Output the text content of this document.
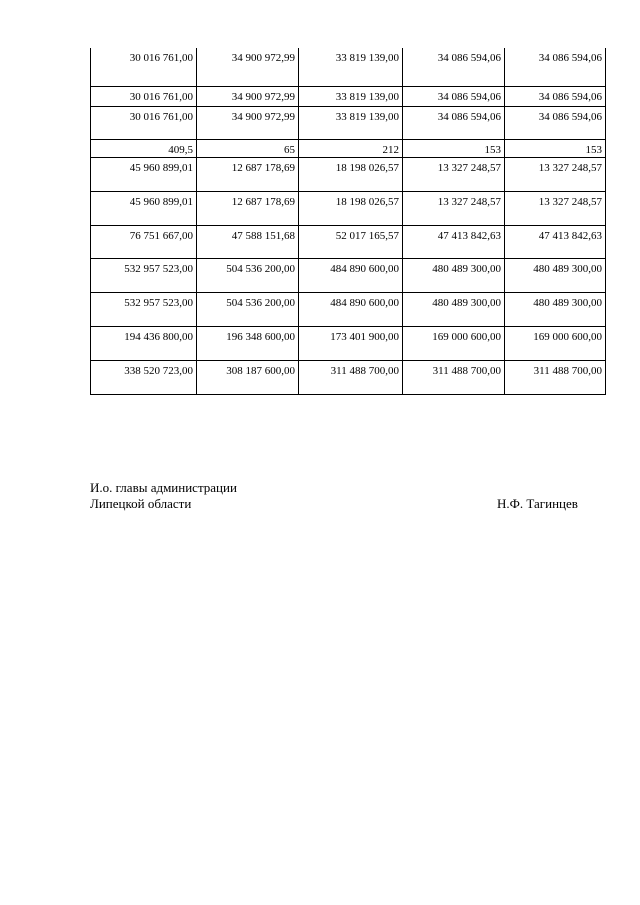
30 016 761,00	34 900 972,99	33 819 139,00	34 086 594,06	34 086 594,06
30 016 761,00	34 900 972,99	33 819 139,00	34 086 594,06	34 086 594,06
30 016 761,00	34 900 972,99	33 819 139,00	34 086 594,06	34 086 594,06
409,5	65	212	153	153
45 960 899,01	12 687 178,69	18 198 026,57	13 327 248,57	13 327 248,57
45 960 899,01	12 687 178,69	18 198 026,57	13 327 248,57	13 327 248,57
76 751 667,00	47 588 151,68	52 017 165,57	47 413 842,63	47 413 842,63
532 957 523,00	504 536 200,00	484 890 600,00	480 489 300,00	480 489 300,00
532 957 523,00	504 536 200,00	484 890 600,00	480 489 300,00	480 489 300,00
194 436 800,00	196 348 600,00	173 401 900,00	169 000 600,00	169 000 600,00
338 520 723,00	308 187 600,00	311 488 700,00	311 488 700,00	311 488 700,00
И.о. главы администрации
Липецкой области	Н.Ф. Тагинцев
